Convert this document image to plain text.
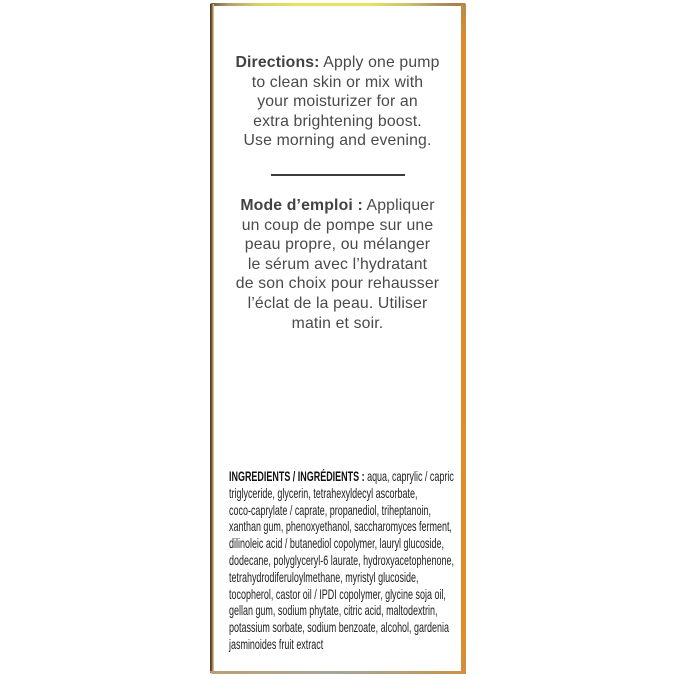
Directions: Apply one pump
to clean skin or mix with
your moisturizer for an
extra brightening boost.
Use morning and evening.
Mode d’emploi : Appliquer
un coup de pompe sur une
peau propre, ou mélanger
le sérum avec l’hydratant
de son choix pour rehausser
l’éclat de la peau. Utiliser
matin et soir.
INGREDIENTS / INGRÉDIENTS : aqua, caprylic / capric
triglyceride, glycerin, tetrahexyldecyl ascorbate,
coco-caprylate / caprate, propanediol, triheptanoin,
xanthan gum, phenoxyethanol, saccharomyces ferment,
dilinoleic acid / butanediol copolymer, lauryl glucoside,
dodecane, polyglyceryl-6 laurate, hydroxyacetophenone,
tetrahydrodiferuloylmethane, myristyl glucoside,
tocopherol, castor oil / IPDI copolymer, glycine soja oil,
gellan gum, sodium phytate, citric acid, maltodextrin,
potassium sorbate, sodium benzoate, alcohol, gardenia
jasminoides fruit extract
